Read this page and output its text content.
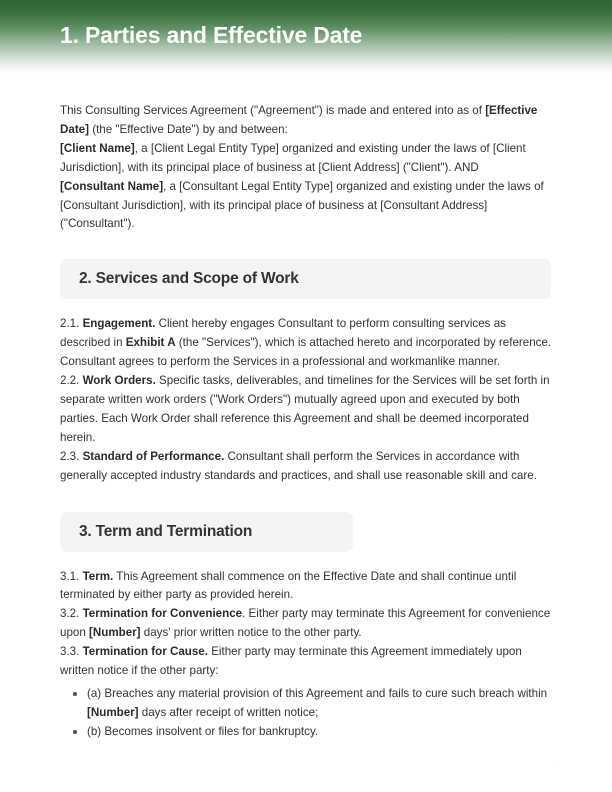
1. Parties and Effective Date

This Consulting Services Agreement ("Agreement") is made and entered into as of [Effective Date] (the "Effective Date") by and between:

[Client Name], a [Client Legal Entity Type] organized and existing under the laws of [Client Jurisdiction], with its principal place of business at [Client Address] ("Client"). AND

[Consultant Name], a [Consultant Legal Entity Type] organized and existing under the laws of [Consultant Jurisdiction], with its principal place of business at [Consultant Address] ("Consultant").

2. Services and Scope of Work

2.1. Engagement. Client hereby engages Consultant to perform consulting services as described in Exhibit A (the "Services"), which is attached hereto and incorporated by reference. Consultant agrees to perform the Services in a professional and workmanlike manner.

2.2. Work Orders. Specific tasks, deliverables, and timelines for the Services will be set forth in separate written work orders ("Work Orders") mutually agreed upon and executed by both parties. Each Work Order shall reference this Agreement and shall be deemed incorporated herein.

2.3. Standard of Performance. Consultant shall perform the Services in accordance with generally accepted industry standards and practices, and shall use reasonable skill and care.

3. Term and Termination

3.1. Term. This Agreement shall commence on the Effective Date and shall continue until terminated by either party as provided herein.

3.2. Termination for Convenience. Either party may terminate this Agreement for convenience upon [Number] days' prior written notice to the other party.

3.3. Termination for Cause. Either party may terminate this Agreement immediately upon written notice if the other party:

(a) Breaches any material provision of this Agreement and fails to cure such breach within [Number] days after receipt of written notice;
(b) Becomes insolvent or files for bankruptcy.
2
